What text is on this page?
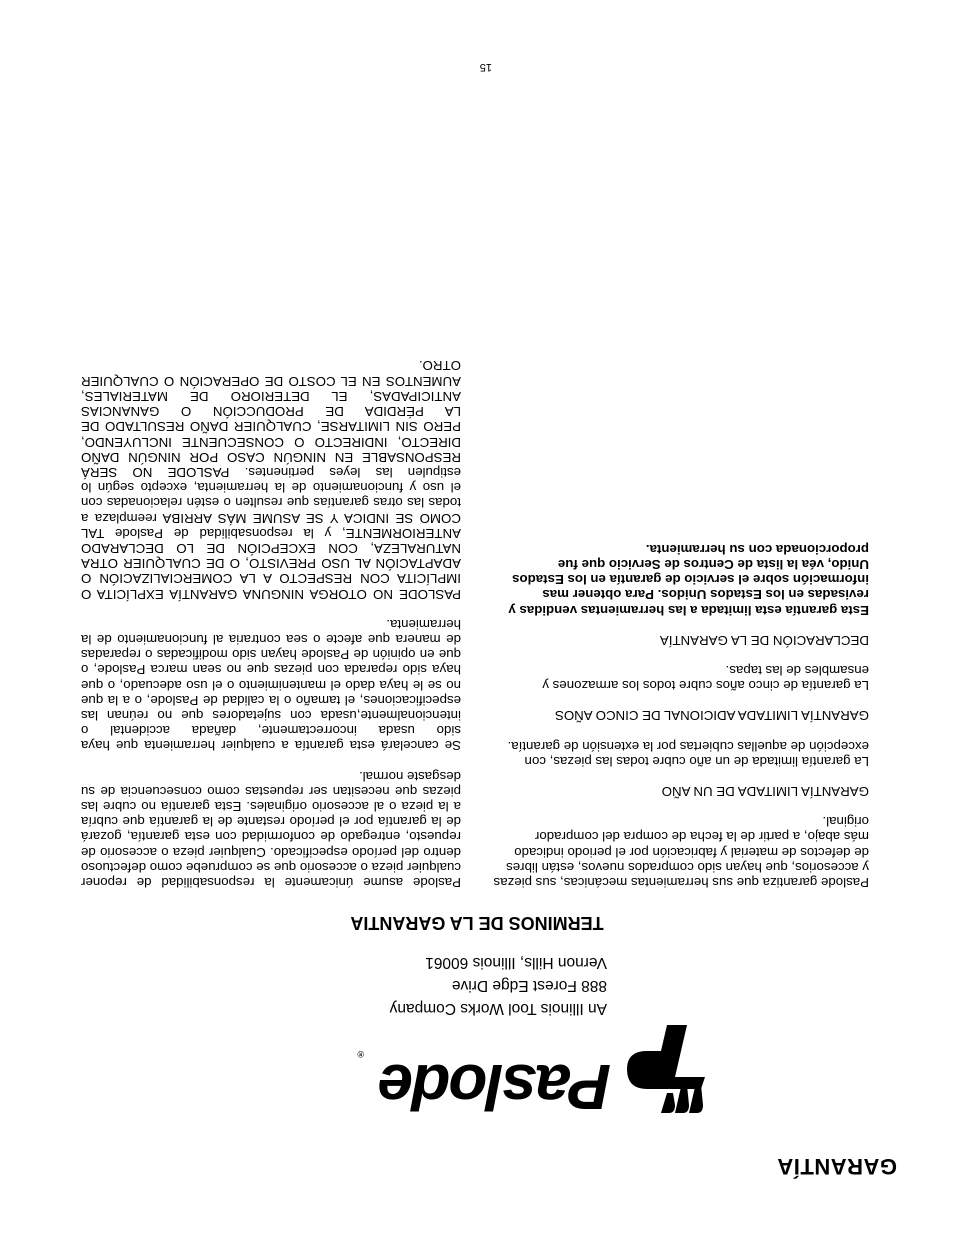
GARANTÍA
Paslode
®
An Illinois Tool Works Company
888 Forest Edge Drive
Vernon Hills, Illinois 60061
TERMINOS DE LA GARANTIA

Paslode garantiza que sus herramientas mecánicas, sus piezas y accesorios, que hayan sido comprados nuevos, están libres de defectos de material y fabricación por el periodo indicado más abajo, a partir de la fecha de compra del comprador original.

GARANTÍA LIMITADA DE UN AÑO

La garantía limitada de un año cubre todas las piezas, con excepción de aquellas cubiertas por la extensión de garantía.

GARANTÍA LIMITADA ADICIONAL DE CINCO AÑOS

La garantía de cinco años cubre todos los armazones y ensambles de las tapas.

DECLARACIÓN DE LA GARANTÍA

Esta garantía esta limitada a las herramientas vendidas y revisadas en los Estados Unidos. Para obtener mas información sobre el servicio de garantía en los Estados Unido, véa la lista de Centros de Servicio que fue proporcionada con su herramienta.

Paslode asume únicamente la responsabilidad de reponer cualquier pieza o accesorio que se compruebe como defectuoso dentro del período especificado. Cualquier pieza o accesorio de repuesto, entregado de conformidad con esta garantía, gozará de la garantía por el período restante de la garantía que cubría a la pieza o al accesorio originales. Esta garantía no cubre las piezas que necesitan ser repuestas como consecuencia de su desgaste normal.

Se cancelará esta garantía a cualquier herramienta que haya sido usada incorrectamente, dañada accidental o intencionalmente,usada con sujetadores que no reúnan las especificaciones, el tamaño o la calidad de Paslode, o a la que no se le haya dado el mantenimiento o el uso adecuado, o que haya sido reparada con piezas que no sean marca Paslode, o que en opinión de Paslode hayan sido modificadas o reparadas de manera que afecte o sea contraria al funcionamiento de la herramienta.

PASLODE NO OTORGA NINGUNA GARANTÍA EXPLÍCITA O IMPLÍCITA CON RESPECTO A LA COMERCIALIZACIÓN O ADAPTACIÓN AL USO PREVISTO, O DE CUALQUIER OTRA NATURALEZA, CON EXCEPCIÓN DE LO DECLARADO ANTERIORMENTE, y la responsabilidad de Paslode TAL COMO SE INDICA Y SE ASUME MÁS ARRIBA reemplaza a todas las otras garantías que resulten o estén relacionadas con el uso y funcionamiento de la herramienta, excepto según lo estipulen las leyes pertinentes. PASLODE NO SERÁ RESPONSABLE EN NINGÚN CASO POR NINGÚN DAÑO DIRECTO, INDIRECTO O CONSECUENTE INCLUYENDO, PERO SIN LIMITARSE, CUALQUIER DAÑO RESULTADO DE LA PÉRDIDA DE PRODUCCIÓN O GANANCIAS ANTICIPADAS, EL DETERIORO DE MATERIALES, AUMENTOS EN EL COSTO DE OPERACIÓN O CUALQUIER OTRO.

15
